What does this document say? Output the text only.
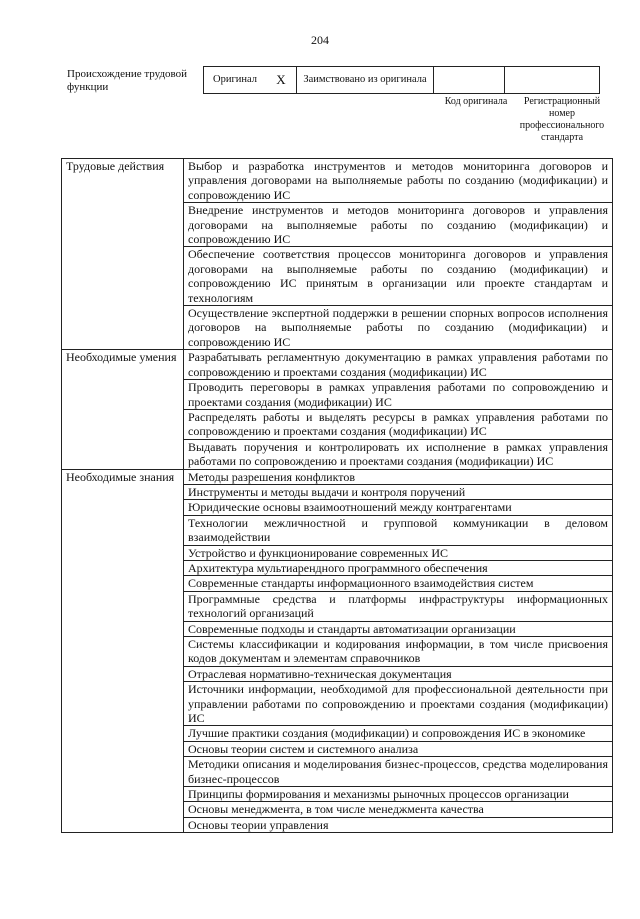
204
Происхождение трудовой функции
Оригинал	X	Заимствовано из оригинала		
Код оригинала	Регистрационный номер профессионального стандарта
Трудовые действия	Выбор и разработка инструментов и методов мониторинга договоров и управления договорами на выполняемые работы по созданию (модификации) и сопровождению ИС
	Внедрение инструментов и методов мониторинга договоров и управления договорами на выполняемые работы по созданию (модификации) и сопровождению ИС
	Обеспечение соответствия процессов мониторинга договоров и управления договорами на выполняемые работы по созданию (модификации) и сопровождению ИС принятым в организации или проекте стандартам и технологиям
	Осуществление экспертной поддержки в решении спорных вопросов исполнения договоров на выполняемые работы по созданию (модификации) и сопровождению ИС
Необходимые умения	Разрабатывать регламентную документацию в рамках управления работами по сопровождению и проектами создания (модификации) ИС
	Проводить переговоры в рамках управления работами по сопровождению и проектами создания (модификации) ИС
	Распределять работы и выделять ресурсы в рамках управления работами по сопровождению и проектами создания (модификации) ИС
	Выдавать поручения и контролировать их исполнение в рамках управления работами по сопровождению и проектами создания (модификации) ИС
Необходимые знания	Методы разрешения конфликтов
	Инструменты и методы выдачи и контроля поручений
	Юридические основы взаимоотношений между контрагентами
	Технологии межличностной и групповой коммуникации в деловом взаимодействии
	Устройство и функционирование современных ИС
	Архитектура мультиарендного программного обеспечения
	Современные стандарты информационного взаимодействия систем
	Программные средства и платформы инфраструктуры информационных технологий организаций
	Современные подходы и стандарты автоматизации организации
	Системы классификации и кодирования информации, в том числе присвоения кодов документам и элементам справочников
	Отраслевая нормативно-техническая документация
	Источники информации, необходимой для профессиональной деятельности при управлении работами по сопровождению и проектами создания (модификации) ИС
	Лучшие практики создания (модификации) и сопровождения ИС в экономике
	Основы теории систем и системного анализа
	Методики описания и моделирования бизнес-процессов, средства моделирования бизнес-процессов
	Принципы формирования и механизмы рыночных процессов организации
	Основы менеджмента, в том числе менеджмента качества
	Основы теории управления
